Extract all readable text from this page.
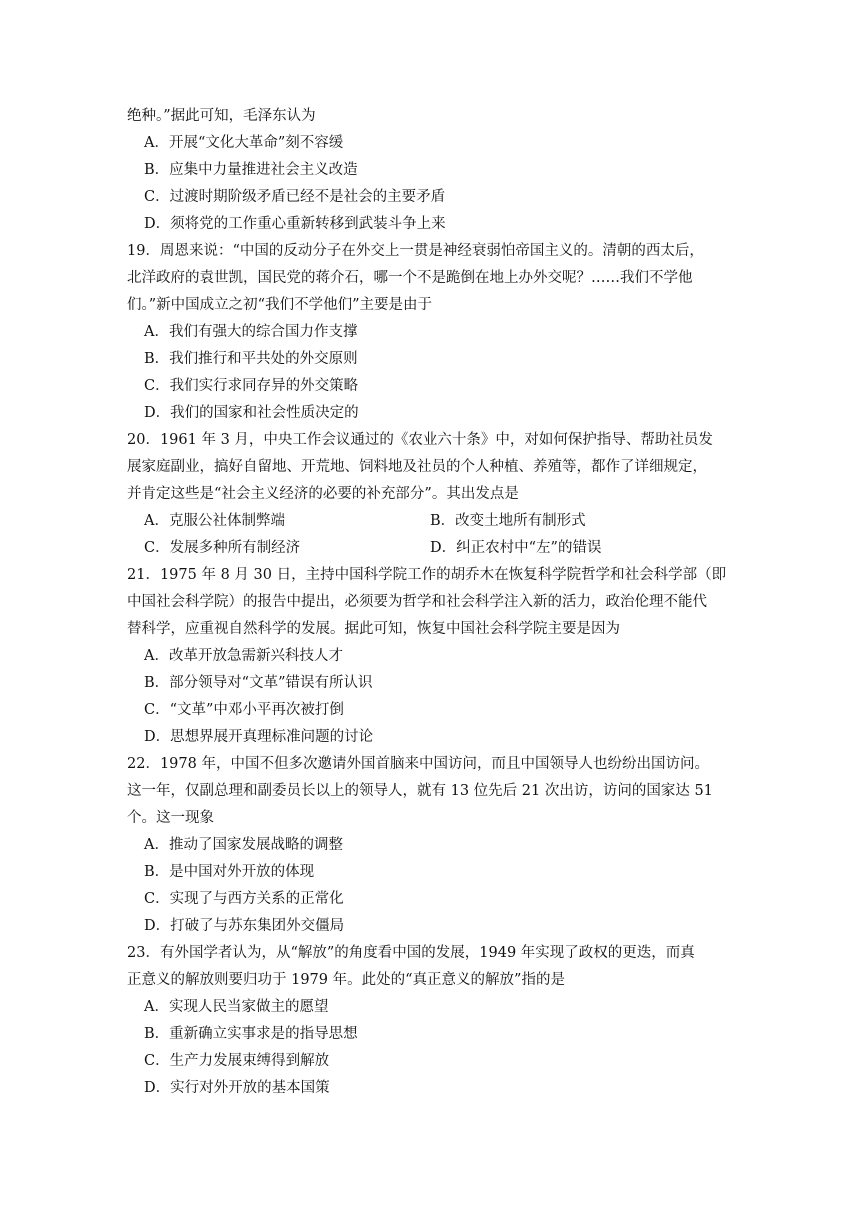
绝种。”据此可知，毛泽东认为
A．开展“文化大革命”刻不容缓
B．应集中力量推进社会主义改造
C．过渡时期阶级矛盾已经不是社会的主要矛盾
D．须将党的工作重心重新转移到武装斗争上来
19．周恩来说：“中国的反动分子在外交上一贯是神经衰弱怕帝国主义的。清朝的西太后，
北洋政府的袁世凯，国民党的蒋介石，哪一个不是跪倒在地上办外交呢？……我们不学他
们。”新中国成立之初“我们不学他们”主要是由于
A．我们有强大的综合国力作支撑
B．我们推行和平共处的外交原则
C．我们实行求同存异的外交策略
D．我们的国家和社会性质决定的
20．1961 年 3 月，中央工作会议通过的《农业六十条》中，对如何保护指导、帮助社员发
展家庭副业，搞好自留地、开荒地、饲料地及社员的个人种植、养殖等，都作了详细规定，
并肯定这些是“社会主义经济的必要的补充部分”。其出发点是
A．克服公社体制弊端	B．改变土地所有制形式
C．发展多种所有制经济	D．纠正农村中“左”的错误
21．1975 年 8 月 30 日，主持中国科学院工作的胡乔木在恢复科学院哲学和社会科学部（即
中国社会科学院）的报告中提出，必须要为哲学和社会科学注入新的活力，政治伦理不能代
替科学，应重视自然科学的发展。据此可知，恢复中国社会科学院主要是因为
A．改革开放急需新兴科技人才
B．部分领导对“文革”错误有所认识
C．“文革”中邓小平再次被打倒
D．思想界展开真理标准问题的讨论
22．1978 年，中国不但多次邀请外国首脑来中国访问，而且中国领导人也纷纷出国访问。
这一年，仅副总理和副委员长以上的领导人，就有 13 位先后 21 次出访，访问的国家达 51
个。这一现象
A．推动了国家发展战略的调整
B．是中国对外开放的体现
C．实现了与西方关系的正常化
D．打破了与苏东集团外交僵局
23．有外国学者认为，从“解放”的角度看中国的发展，1949 年实现了政权的更迭，而真
正意义的解放则要归功于 1979 年。此处的“真正意义的解放”指的是
A．实现人民当家做主的愿望
B．重新确立实事求是的指导思想
C．生产力发展束缚得到解放
D．实行对外开放的基本国策
